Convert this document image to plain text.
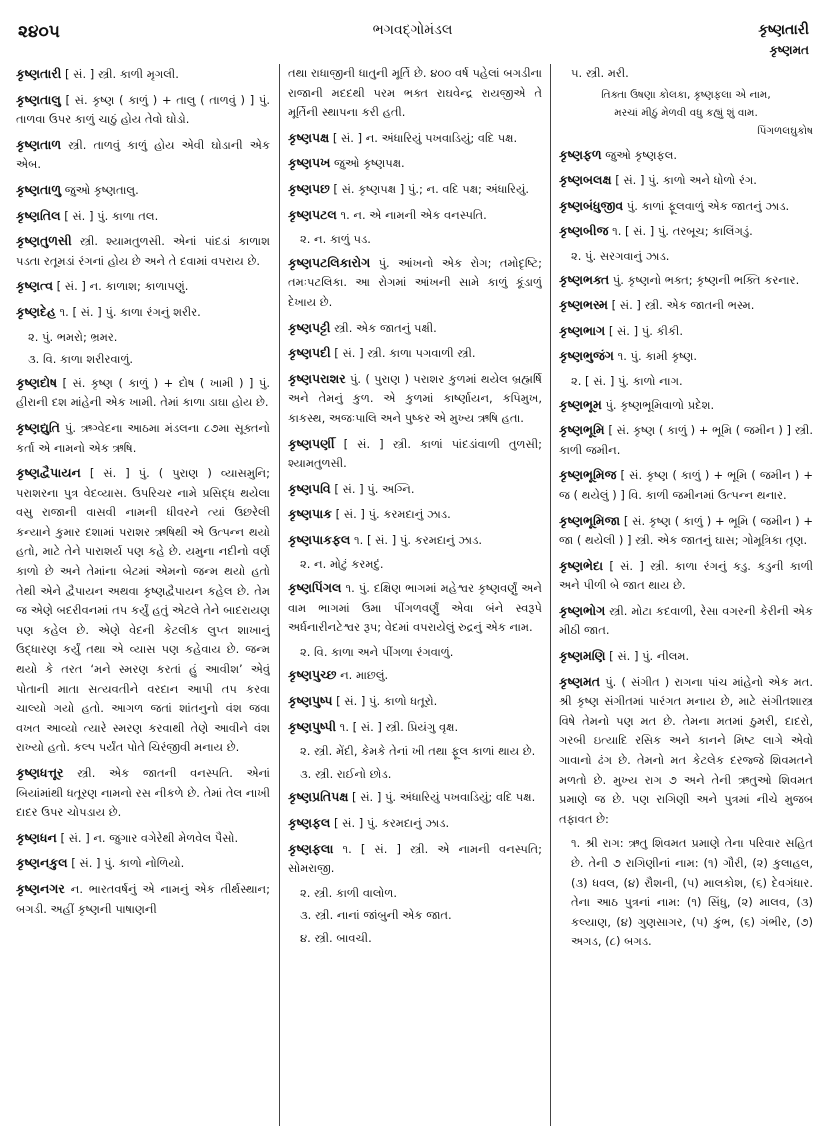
૨૪૦૫	ભગવદ્ગોમંડલ	કૃષ્ણતારી
કૃષ્ણમત

કૃષ્ણતારી [ સં. ] સ્ત્રી. કાળી મૃગલી.

કૃષ્ણતાલુ [ સં. કૃષ્ણ ( કાળું ) + તાલુ ( તાળવું ) ] પું. તાળવા ઉપર કાળું ચાઠું હોય તેવો ઘોડો.

કૃષ્ણતાળ સ્ત્રી. તાળવું કાળું હોય એવી ઘોડાની એક એબ.

કૃષ્ણતાળુ જુઓ કૃષ્ણતાલુ.

કૃષ્ણતિલ [ સં. ] પું. કાળા તલ.

કૃષ્ણતુળસી સ્ત્રી. શ્યામતુળસી. એનાં પાંદડાં કાળાશ પડતા રતૂમડાં રંગનાં હોય છે અને તે દવામાં વપરાય છે.

કૃષ્ણત્વ [ સં. ] ન. કાળાશ; કાળાપણું.

કૃષ્ણદેહ ૧. [ સં. ] પું. કાળા રંગનું શરીર.

૨. પું. ભમરો; ભ્રમર.

૩. વિ. કાળા શરીરવાળું.

કૃષ્ણદોષ [ સં. કૃષ્ણ ( કાળું ) + દોષ ( ખામી ) ] પું. હીરાની દશ માંહેની એક ખામી. તેમાં કાળા ડાઘા હોય છે.

કૃષ્ણદ્યુતિ પું. ઋગ્વેદના આઠમા મંડલના ૮૭મા સૂક્તનો કર્તા એ નામનો એક ઋષિ.

કૃષ્ણદ્વૈપાયન [ સં. ] પું. ( પુરાણ ) વ્યાસમુનિ; પરાશરના પુત્ર વેદવ્યાસ. ઉપરિચર નામે પ્રસિદ્ધ થયેલા વસુ રાજાની વાસવી નામની ધીવરને ત્યાં ઉછરેલી કન્યાને કુમાર દશામાં પરાશર ઋષિથી એ ઉત્પન્ન થયો હતો, માટે તેને પારાશર્ય પણ કહે છે. યમુના નદીનો વર્ણ કાળો છે અને તેમાંના બેટમાં એમનો જન્મ થયો હતો તેથી એને દ્વૈપાયન અથવા કૃષ્ણદ્વૈપાયન કહેલ છે. તેમ જ એણે બદરીવનમાં તપ કર્યું હતું એટલે તેને બાદરાયણ પણ કહેલ છે. એણે વેદની કેટલીક લુપ્ત શાખાનું ઉદ્ધારણ કર્યું તથા એ વ્યાસ પણ કહેવાય છે. જન્મ થયો કે તરત ‘મને સ્મરણ કરતાં હું આવીશ’ એવું પોતાની માતા સત્યવતીને વરદાન આપી તપ કરવા ચાલ્યો ગયો હતો. આગળ જતાં શાંતનુનો વંશ જવા વખત આવ્યો ત્યારે સ્મરણ કરવાથી તેણે આવીને વંશ રાખ્યો હતો. કલ્પ પર્યંત પોતે ચિરંજીવી મનાય છે.

કૃષ્ણધત્તૂર સ્ત્રી. એક જાતની વનસ્પતિ. એનાં બિયાંમાંથી ધતૂરણ નામનો રસ નીકળે છે. તેમાં તેલ નાખી દાદર ઉપર ચોપડાય છે.

કૃષ્ણધન [ સં. ] ન. જુગાર વગેરેથી મેળવેલ પૈસો.

કૃષ્ણનકુલ [ સં. ] પું. કાળો નોળિયો.

કૃષ્ણનગર ન. ભારતવર્ષનું એ નામનું એક તીર્થસ્થાન; બગડી. અહીં કૃષ્ણની પાષાણની

તથા રાધાજીની ધાતુની મૂર્તિ છે. ૪૦૦ વર્ષ પહેલાં બગડીના રાજાની મદદથી પરમ ભક્ત રાઘવેન્દ્ર રાયજીએ તે મૂર્તિની સ્થાપના કરી હતી.

કૃષ્ણપક્ષ [ સં. ] ન. અંધારિયું પખવાડિયું; વદિ પક્ષ.

કૃષ્ણપખ જુઓ કૃષ્ણપક્ષ.

કૃષ્ણપછ [ સં. કૃષ્ણપક્ષ ] પું.; ન. વદિ પક્ષ; અંધારિયું.

કૃષ્ણપટલ ૧. ન. એ નામની એક વનસ્પતિ.

૨. ન. કાળું પડ.

કૃષ્ણપટલિકારોગ પું. આંખનો એક રોગ; તમોદૃષ્ટિ; તમઃપટલિકા. આ રોગમાં આંખની સામે કાળું કૂંડાળું દેખાય છે.

કૃષ્ણપટ્ટી સ્ત્રી. એક જાતનું પક્ષી.

કૃષ્ણપદી [ સં. ] સ્ત્રી. કાળા પગવાળી સ્ત્રી.

કૃષ્ણપરાશર પું. ( પુરાણ ) પરાશર કુળમાં થયેલ બ્રહ્મર્ષિ અને તેમનું કુળ. એ કુળમાં કાર્ષ્ણાયન, કપિમુખ, કાકસ્થ, અજઃપાલિ અને પુષ્કર એ મુખ્ય ઋષિ હતા.

કૃષ્ણપર્ણી [ સં. ] સ્ત્રી. કાળાં પાંદડાંવાળી તુળસી; શ્યામતુળસી.

કૃષ્ણપવિ [ સં. ] પું. અગ્નિ.

કૃષ્ણપાક [ સં. ] પું. કરમદાનું ઝાડ.

કૃષ્ણપાકફલ ૧. [ સં. ] પું. કરમદાનું ઝાડ.

૨. ન. મોટું કરમદું.

કૃષ્ણપિંગલ ૧. પું. દક્ષિણ ભાગમાં મહેશ્વર કૃષ્ણવર્ણું અને વામ ભાગમાં ઉમા પીંગળવર્ણું એવા બંને સ્વરૂપે અર્ધનારીનટેશ્વર રૂપ; વેદમાં વપરાયેલું રુદ્રનું એક નામ.

૨. વિ. કાળા અને પીંગળા રંગવાળું.

કૃષ્ણપુચ્છ ન. માછલું.

કૃષ્ણપુષ્પ [ સં. ] પું. કાળો ધતૂરો.

કૃષ્ણપુષ્પી ૧. [ સં. ] સ્ત્રી. પ્રિયંગુ વૃક્ષ.

૨. સ્ત્રી. મેંદી, કેમકે તેનાં ખી તથા ફૂલ કાળાં થાય છે.

૩. સ્ત્રી. રાઈનો છોડ.

કૃષ્ણપ્રતિપક્ષ [ સં. ] પું. અંધારિયું પખવાડિયું; વદિ પક્ષ.

કૃષ્ણફલ [ સં. ] પું. કરમદાનું ઝાડ.

કૃષ્ણફલા ૧. [ સં. ] સ્ત્રી. એ નામની વનસ્પતિ; સોમરાજી.

૨. સ્ત્રી. કાળી વાલોળ.

૩. સ્ત્રી. નાનાં જાંબુની એક જાત.

૪. સ્ત્રી. બાવચી.

૫. સ્ત્રી. મરી.

તિક્તા ઉષણા કોલકા, કૃષ્ણફલા એ નામ,

મરચાં મીઠું મેળવી વધુ કહ્યું શું વામ.

પિંગળલઘુકોષ

કૃષ્ણફળ જુઓ કૃષ્ણફલ.

કૃષ્ણબલક્ષ [ સં. ] પું. કાળો અને ધોળો રંગ.

કૃષ્ણબંધુજીવ પું. કાળાં ફૂલવાળું એક જાતનું ઝાડ.

કૃષ્ણબીજ ૧. [ સં. ] પું. તરબૂચ; કાલિંગડું.

૨. પું. સરગવાનું ઝાડ.

કૃષ્ણભક્ત પું. કૃષ્ણનો ભક્ત; કૃષ્ણની ભક્તિ કરનાર.

કૃષ્ણભસ્મ [ સં. ] સ્ત્રી. એક જાતની ભસ્મ.

કૃષ્ણભાગ [ સં. ] પું. કીકી.

કૃષ્ણભુજંગ ૧. પું. કામી કૃષ્ણ.

૨. [ સં. ] પું. કાળો નાગ.

કૃષ્ણભૂમ પું. કૃષ્ણભૂમિવાળો પ્રદેશ.

કૃષ્ણભૂમિ [ સં. કૃષ્ણ ( કાળું ) + ભૂમિ ( જમીન ) ] સ્ત્રી. કાળી જમીન.

કૃષ્ણભૂમિજ [ સં. કૃષ્ણ ( કાળું ) + ભૂમિ ( જમીન ) + જ ( થયેલું ) ] વિ. કાળી જમીનમાં ઉત્પન્ન થનાર.

કૃષ્ણભૂમિજા [ સં. કૃષ્ણ ( કાળું ) + ભૂમિ ( જમીન ) + જા ( થયેલી ) ] સ્ત્રી. એક જાતનું ઘાસ; ગોમૂત્રિકા તૃણ.

કૃષ્ણભેદા [ સં. ] સ્ત્રી. કાળા રંગનું કડુ. કડુની કાળી અને પીળી બે જાત થાય છે.

કૃષ્ણભોગ સ્ત્રી. મોટા કદવાળી, રેસા વગરની કેરીની એક મીઠી જાત.

કૃષ્ણમણિ [ સં. ] પું. નીલમ.

કૃષ્ણમત પું. ( સંગીત ) રાગના પાંચ માંહેનો એક મત. શ્રી કૃષ્ણ સંગીતમાં પારંગત મનાય છે, માટે સંગીતશાસ્ત્ર વિષે તેમનો પણ મત છે. તેમના મતમાં ઠુમરી, દાદરો, ગરબી ઇત્યાદિ રસિક અને કાનને મિષ્ટ લાગે એવો ગાવાનો ઢંગ છે. તેમનો મત કેટલેક દરજ્જે શિવમતને મળતો છે. મુખ્ય રાગ ૭ અને તેની ઋતુઓ શિવમત પ્રમાણે જ છે. પણ રાગિણી અને પુત્રમાં નીચે મુજબ તફાવત છે:

૧. શ્રી રાગ: ઋતુ શિવમત પ્રમાણે તેના પરિવાર સહિત છે. તેની ૭ રાગિણીનાં નામ: (૧) ગૌરી, (૨) કુલાહલ, (૩) ધવલ, (૪) રૌશની, (૫) માલકોશ, (૬) દેવગંધાર. તેના આઠ પુત્રનાં નામ: (૧) સિંધુ, (૨) માલવ, (૩) કલ્યાણ, (૪) ગુણસાગર, (૫) કુંભ, (૬) ગંભીર, (૭) અગડ, (૮) બગડ.
